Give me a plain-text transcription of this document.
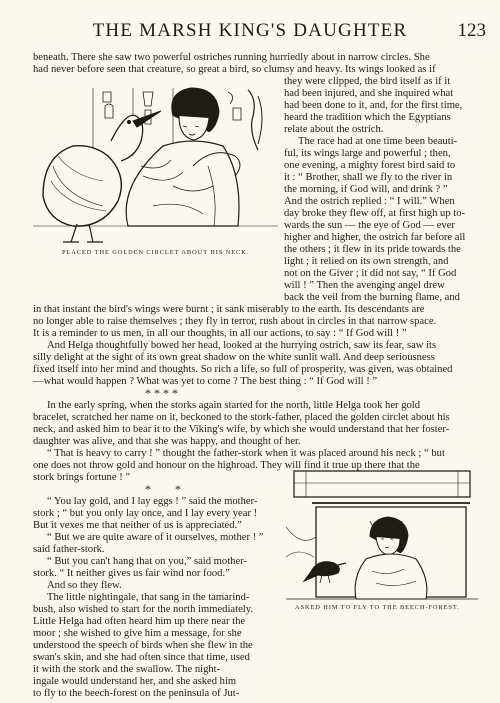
THE MARSH KING'S DAUGHTER	123
PLACED THE GOLDEN CIRCLET ABOUT HIS NECK.
ASKED HIM TO FLY TO THE BEECH-FOREST.
beneath. There she saw two powerful ostriches running hurriedly about in narrow circles. She
had never before seen that creature, so great a bird, so clumsy and heavy. Its wings looked as if
they were clipped, the bird itself as if it
had been injured, and she inquired what
had been done to it, and, for the first time,
heard the tradition which the Egyptians
relate about the ostrich.
The race had at one time been beauti-
ful, its wings large and powerful ; then,
one evening, a mighty forest bird said to
it : “ Brother, shall we fly to the river in
the morning, if God will, and drink ? ”
And the ostrich replied : “ I will.” When
day broke they flew off, at first high up to-
wards the sun — the eye of God — ever
higher and higher, the ostrich far before all
the others ; it flew in its pride towards the
light ; it relied on its own strength, and
not on the Giver ; it did not say, “ If God
will ! ” Then the avenging angel drew
back the veil from the burning flame, and
in that instant the bird's wings were burnt ; it sank miserably to the earth. Its descendants are
no longer able to raise themselves ; they fly in terror, rush about in circles in that narrow space.
It is a reminder to us men, in all our thoughts, in all our actions, to say : “ If God will ! ”
And Helga thoughtfully bowed her head, looked at the hurrying ostrich, saw its fear, saw its
silly delight at the sight of its own great shadow on the white sunlit wall. And deep seriousness
fixed itself into her mind and thoughts. So rich a life, so full of prosperity, was given, was obtained
—what would happen ? What was yet to come ? The best thing : “ If God will ! ”
* * * *
In the early spring, when the storks again started for the north, little Helga took her gold
bracelet, scratched her name on it, beckoned to the stork-father, placed the golden circlet about his
neck, and asked him to bear it to the Viking's wife, by which she would understand that her foster-
daughter was alive, and that she was happy, and thought of her.
“ That is heavy to carry ! ” thought the father-stork when it was placed around his neck ; “ but
one does not throw gold and honour on the highroad. They will find it true up there that the
stork brings fortune ! ”
*        *
“ You lay gold, and I lay eggs ! ” said the mother-
stork ; “ but you only lay once, and I lay every year !
But it vexes me that neither of us is appreciated.”
“ But we are quite aware of it ourselves, mother ! ”
said father-stork.
“ But you can't hang that on you,” said mother-
stork. “ It neither gives us fair wind nor food.”
And so they flew.
The little nightingale, that sang in the tamarind-
bush, also wished to start for the north immediately.
Little Helga had often heard him up there near the
moor ; she wished to give him a message, for she
understood the speech of birds when she flew in the
swan's skin, and she had often since that time, used
it with the stork and the swallow. The night-
ingale would understand her, and she asked him
to fly to the beech-forest on the peninsula of Jut-
